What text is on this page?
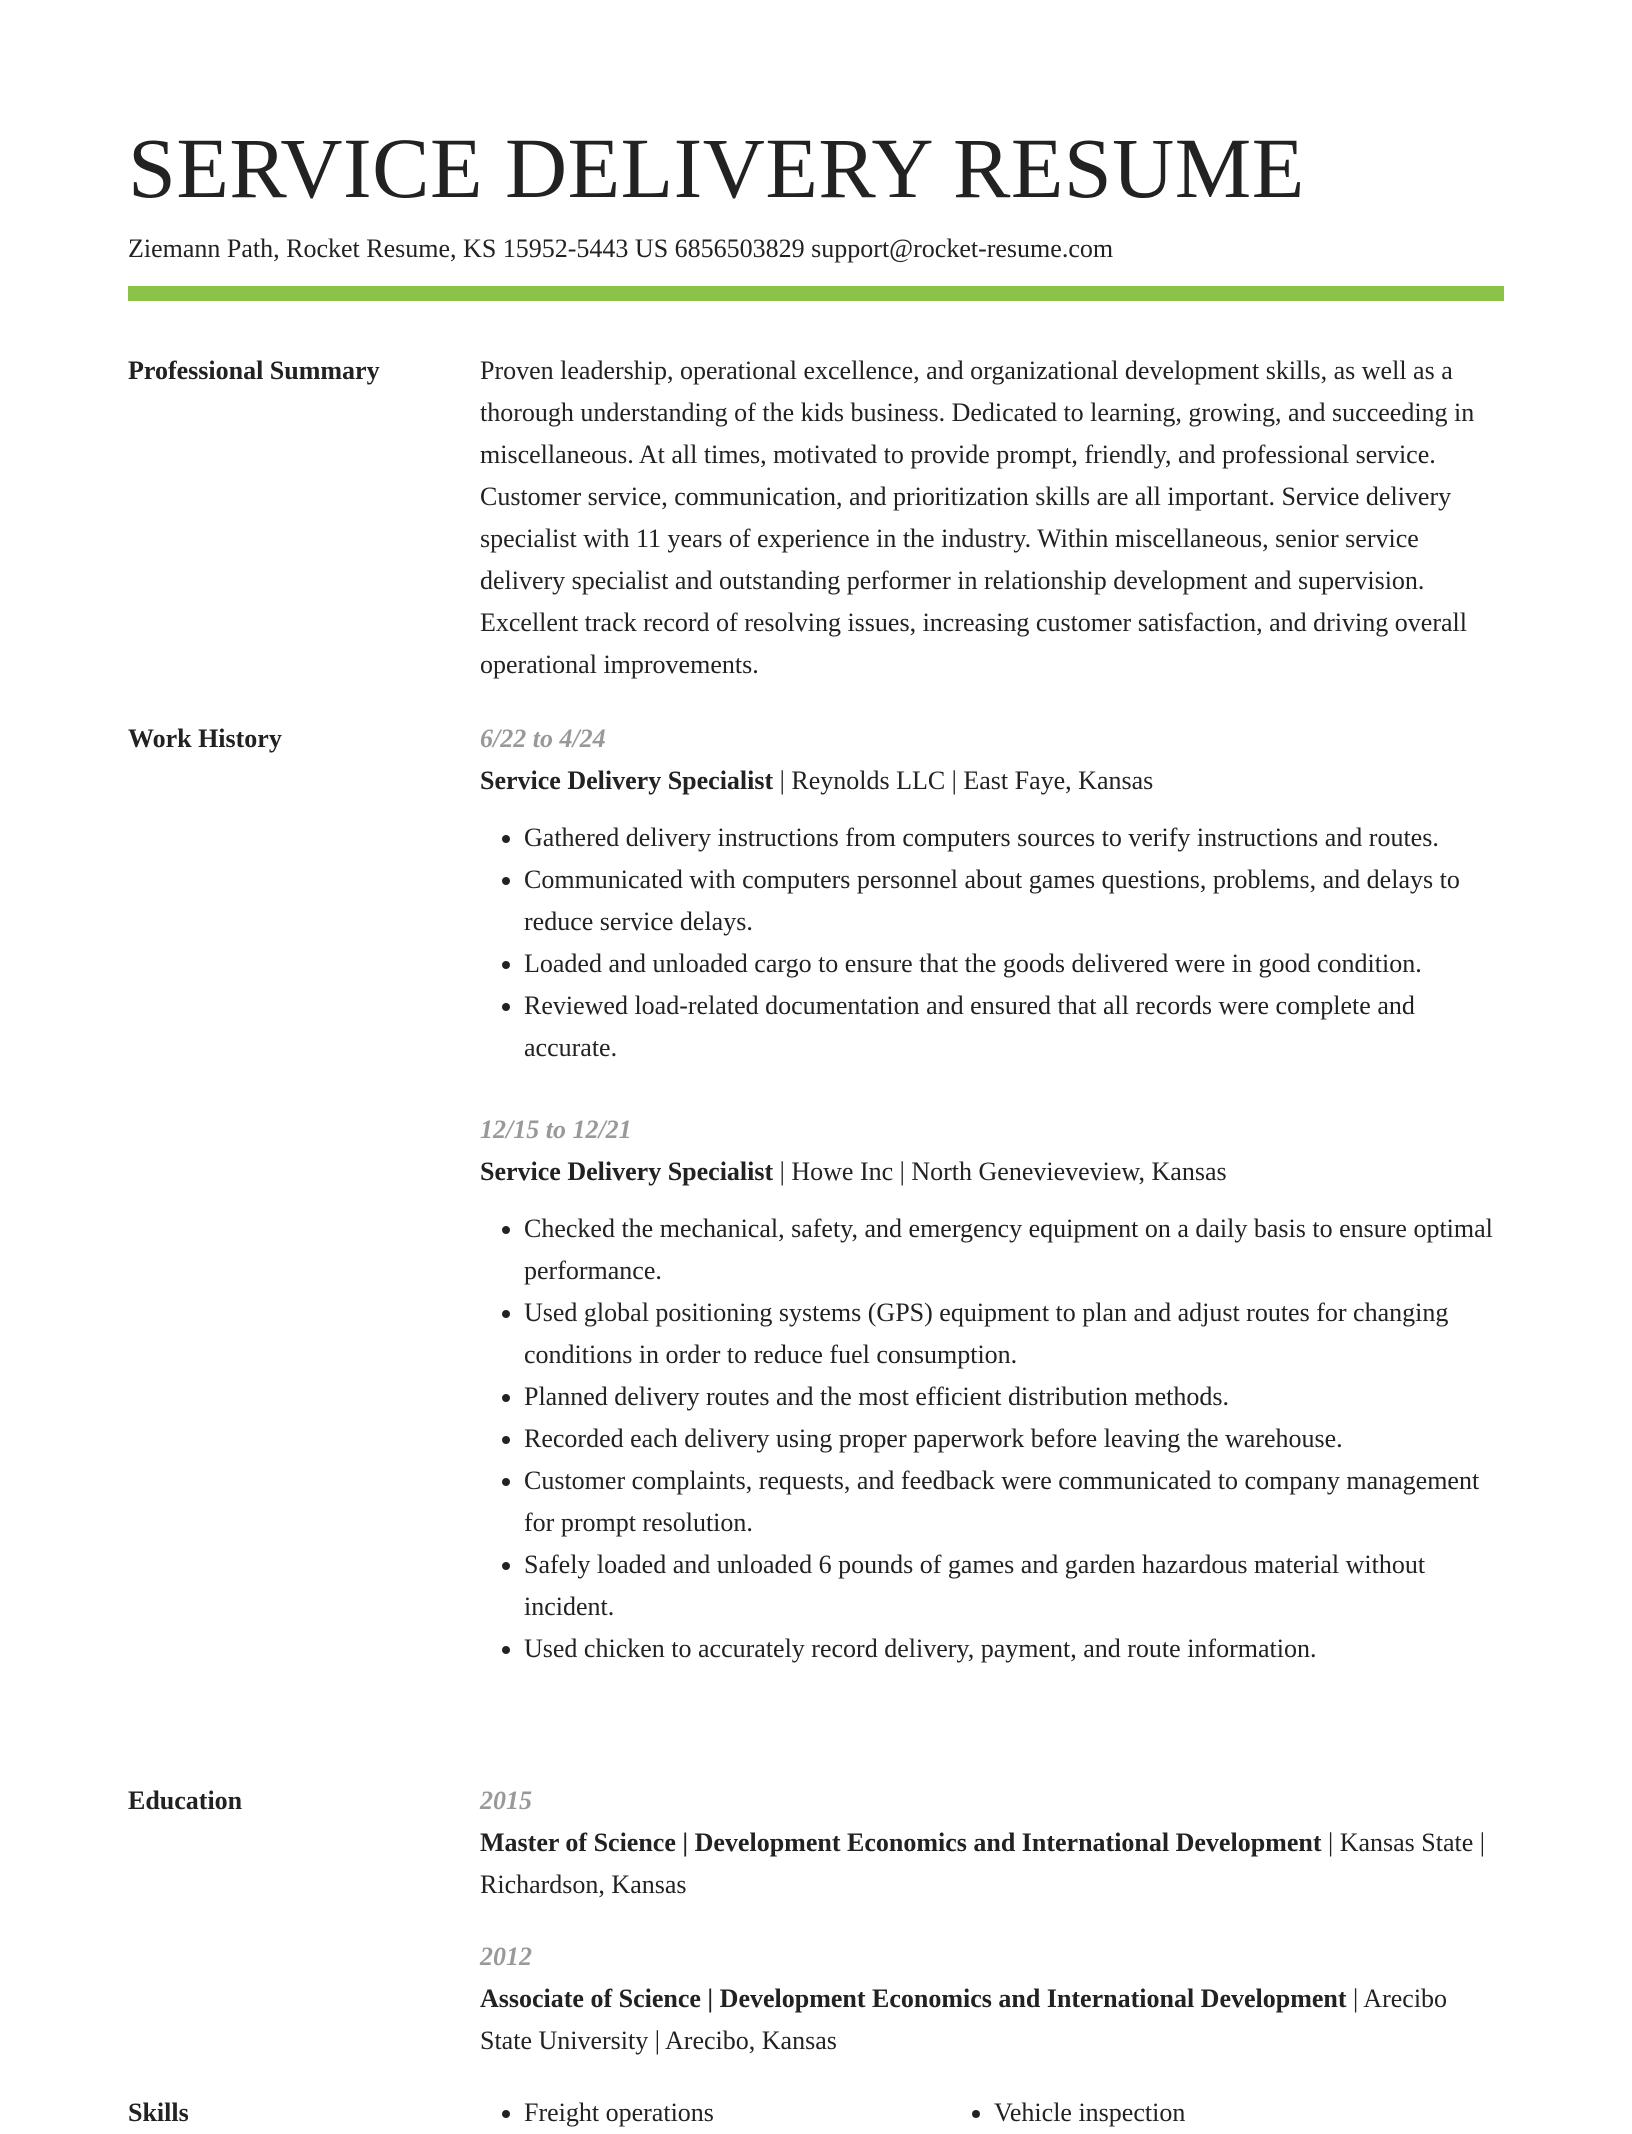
SERVICE DELIVERY RESUME
Ziemann Path, Rocket Resume, KS 15952-5443 US 6856503829 support@rocket-resume.com
Professional Summary	Proven leadership, operational excellence, and organizational development skills, as well as a thorough understanding of the kids business. Dedicated to learning, growing, and succeeding in miscellaneous. At all times, motivated to provide prompt, friendly, and professional service. Customer service, communication, and prioritization skills are all important. Service delivery specialist with 11 years of experience in the industry. Within miscellaneous, senior service delivery specialist and outstanding performer in relationship development and supervision. Excellent track record of resolving issues, increasing customer satisfaction, and driving overall operational improvements.

Work History	6/22 to 4/24
Service Delivery Specialist | Reynolds LLC | East Faye, Kansas
• Gathered delivery instructions from computers sources to verify instructions and routes.
• Communicated with computers personnel about games questions, problems, and delays to reduce service delays.
• Loaded and unloaded cargo to ensure that the goods delivered were in good condition.
• Reviewed load-related documentation and ensured that all records were complete and accurate.
12/15 to 12/21
Service Delivery Specialist | Howe Inc | North Genevieveview, Kansas
• Checked the mechanical, safety, and emergency equipment on a daily basis to ensure optimal performance.
• Used global positioning systems (GPS) equipment to plan and adjust routes for changing conditions in order to reduce fuel consumption.
• Planned delivery routes and the most efficient distribution methods.
• Recorded each delivery using proper paperwork before leaving the warehouse.
• Customer complaints, requests, and feedback were communicated to company management for prompt resolution.
• Safely loaded and unloaded 6 pounds of games and garden hazardous material without incident.
• Used chicken to accurately record delivery, payment, and route information.
Education	2015
Master of Science | Development Economics and International Development | Kansas State | Richardson, Kansas
2012
Associate of Science | Development Economics and International Development | Arecibo State University | Arecibo, Kansas
Skills	• Freight operations	• Vehicle inspection
